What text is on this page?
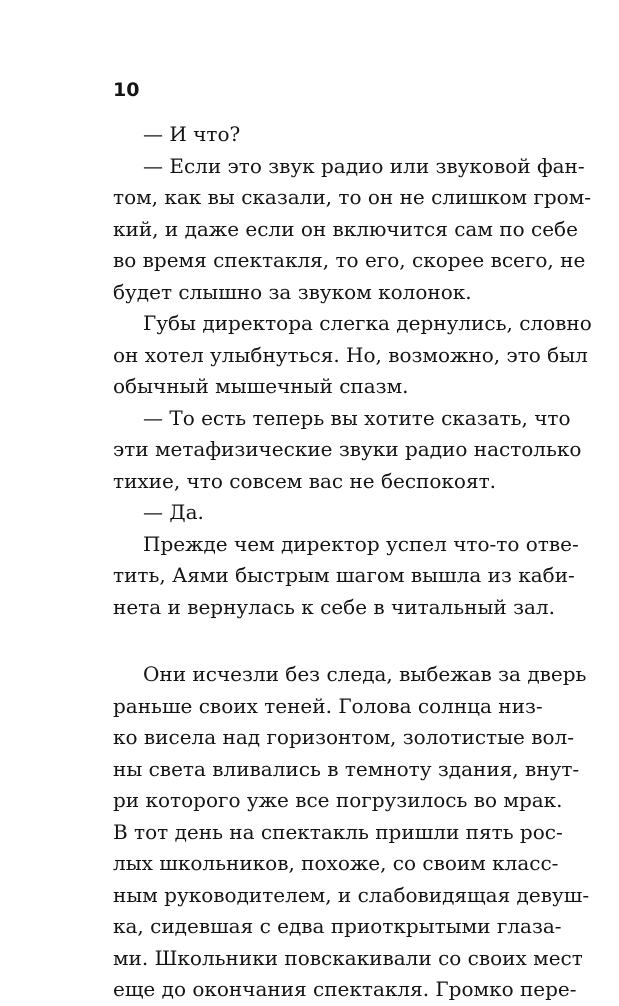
10

— И что?

— Если это звук радио или звуковой фан-

том, как вы сказали, то он не слишком гром-

кий, и даже если он включится сам по себе

во время спектакля, то его, скорее всего, не

будет слышно за звуком колонок.

Губы директора слегка дернулись, словно

он хотел улыбнуться. Но, возможно, это был

обычный мышечный спазм.

— То есть теперь вы хотите сказать, что

эти метафизические звуки радио настолько

тихие, что совсем вас не беспокоят.

— Да.

Прежде чем директор успел что-то отве-

тить, Аями быстрым шагом вышла из каби-

нета и вернулась к себе в читальный зал.

Они исчезли без следа, выбежав за дверь

раньше своих теней. Голова солнца низ-

ко висела над горизонтом, золотистые вол-

ны света вливались в темноту здания, внут-

ри которого уже все погрузилось во мрак.

В тот день на спектакль пришли пять рос-

лых школьников, похоже, со своим класс-

ным руководителем, и слабовидящая девуш-

ка, сидевшая с едва приоткрытыми глаза-

ми. Школьники повскакивали со своих мест

еще до окончания спектакля. Громко пере-
